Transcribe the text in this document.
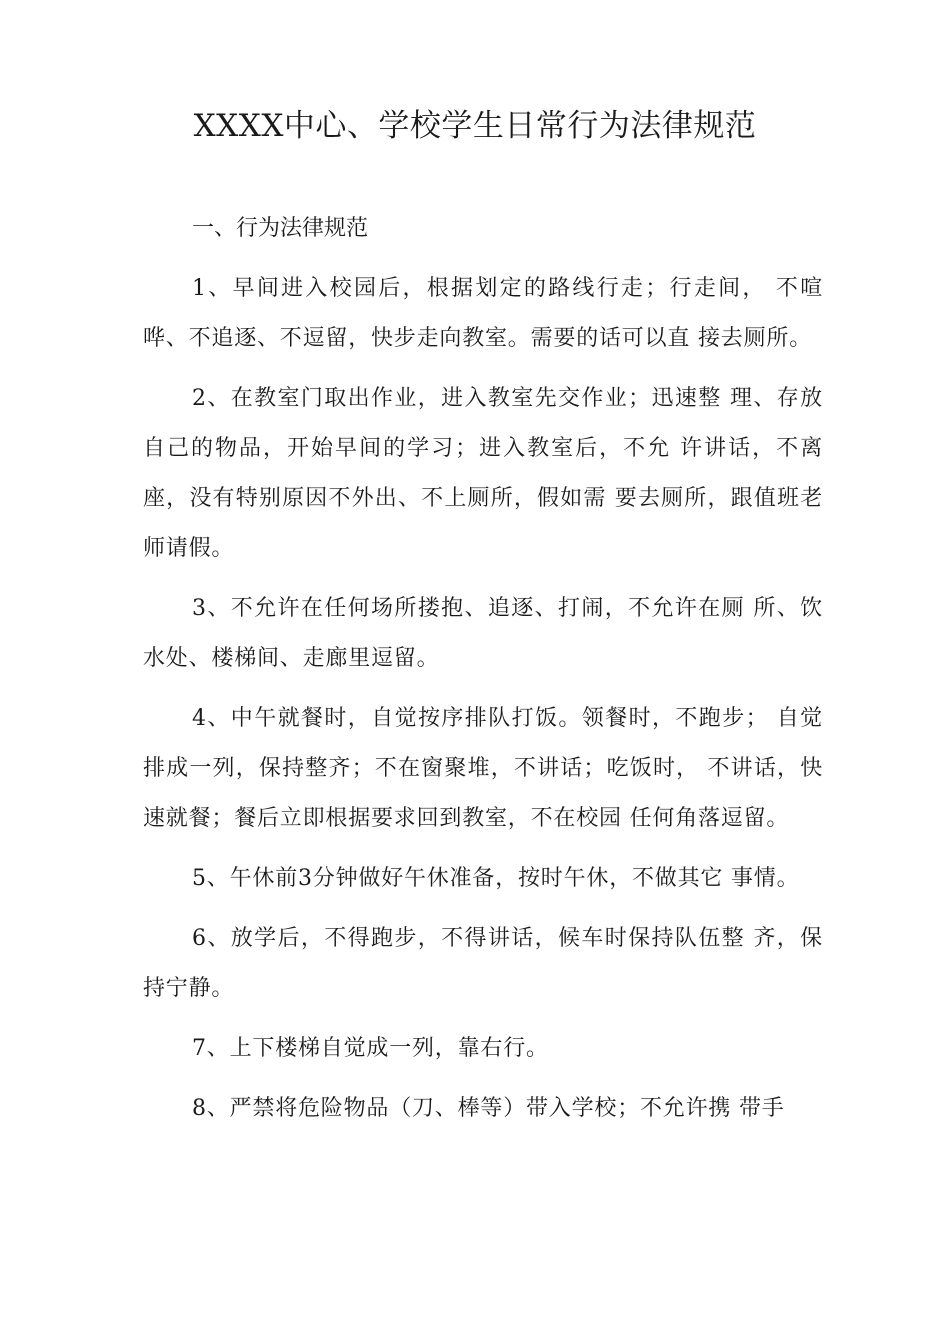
XXXX中心、学校学生日常行为法律规范

一、行为法律规范

1、早间进入校园后，根据划定的路线行走；行走间， 不喧哗、不追逐、不逗留，快步走向教室。需要的话可以直 接去厕所。

2、在教室门取出作业，进入教室先交作业；迅速整 理、存放自己的物品，开始早间的学习；进入教室后，不允 许讲话，不离座，没有特别原因不外出、不上厕所，假如需 要去厕所，跟值班老师请假。

3、不允许在任何场所搂抱、追逐、打闹，不允许在厕 所、饮水处、楼梯间、走廊里逗留。

4、中午就餐时，自觉按序排队打饭。领餐时，不跑步； 自觉排成一列，保持整齐；不在窗聚堆，不讲话；吃饭时， 不讲话，快速就餐；餐后立即根据要求回到教室，不在校园 任何角落逗留。

5、午休前3分钟做好午休准备，按时午休，不做其它 事情。

6、放学后，不得跑步，不得讲话，候车时保持队伍整 齐，保持宁静。

7、上下楼梯自觉成一列，靠右行。

8、严禁将危险物品（刀、棒等）带入学校；不允许携 带手
